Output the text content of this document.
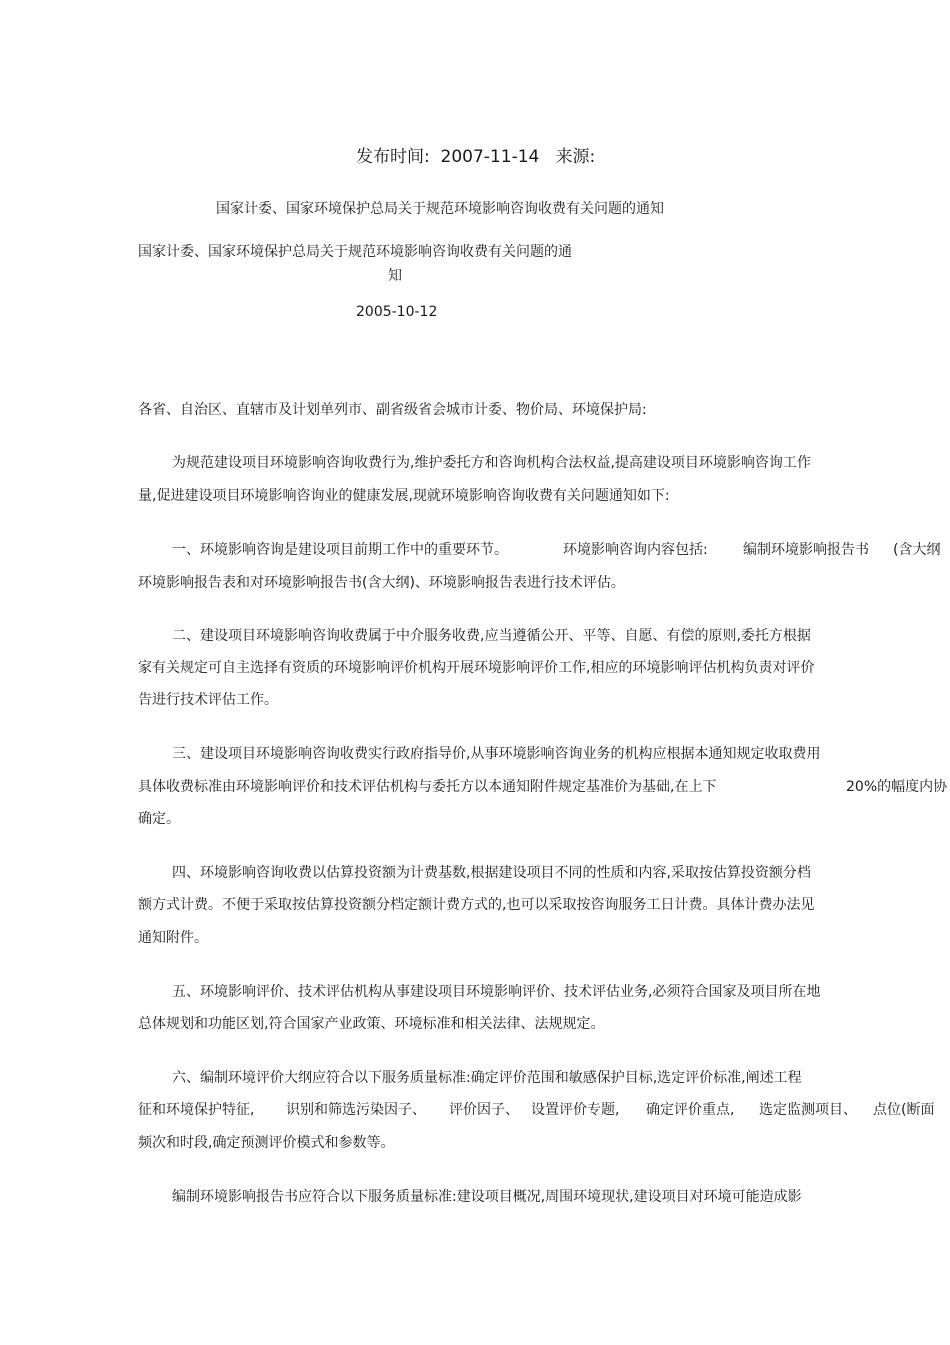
发布时间: 2007-11-14 来源:
国家计委、国家环境保护总局关于规范环境影响咨询收费有关问题的通知
国家计委、国家环境保护总局关于规范环境影响咨询收费有关问题的通
知
2005-10-12
各省、自治区、直辖市及计划单列市、副省级省会城市计委、物价局、环境保护局:
为规范建设项目环境影响咨询收费行为,维护委托方和咨询机构合法权益,提高建设项目环境影响咨询工作
量,促进建设项目环境影响咨询业的健康发展,现就环境影响咨询收费有关问题通知如下:
一、环境影响咨询是建设项目前期工作中的重要环节。	环境影响咨询内容包括:	编制环境影响报告书 (含大纲
环境影响报告表和对环境影响报告书(含大纲)、环境影响报告表进行技术评估。
二、建设项目环境影响咨询收费属于中介服务收费,应当遵循公开、平等、自愿、有偿的原则,委托方根据
家有关规定可自主选择有资质的环境影响评价机构开展环境影响评价工作,相应的环境影响评估机构负责对评价
告进行技术评估工作。
三、建设项目环境影响咨询收费实行政府指导价,从事环境影响咨询业务的机构应根据本通知规定收取费用
具体收费标准由环境影响评价和技术评估机构与委托方以本通知附件规定基准价为基础,在上下	20%的幅度内协
确定。
四、环境影响咨询收费以估算投资额为计费基数,根据建设项目不同的性质和内容,采取按估算投资额分档
额方式计费。不便于采取按估算投资额分档定额计费方式的,也可以采取按咨询服务工日计费。具体计费办法见
通知附件。
五、环境影响评价、技术评估机构从事建设项目环境影响评价、技术评估业务,必须符合国家及项目所在地
总体规划和功能区划,符合国家产业政策、环境标准和相关法律、法规规定。
六、编制环境评价大纲应符合以下服务质量标准:确定评价范围和敏感保护目标,选定评价标准,阐述工程
征和环境保护特征, 识别和筛选污染因子、 评价因子、 设置评价专题, 确定评价重点, 选定监测项目、 点位(断面
频次和时段,确定预测评价模式和参数等。
编制环境影响报告书应符合以下服务质量标准:建设项目概况,周围环境现状,建设项目对环境可能造成影
